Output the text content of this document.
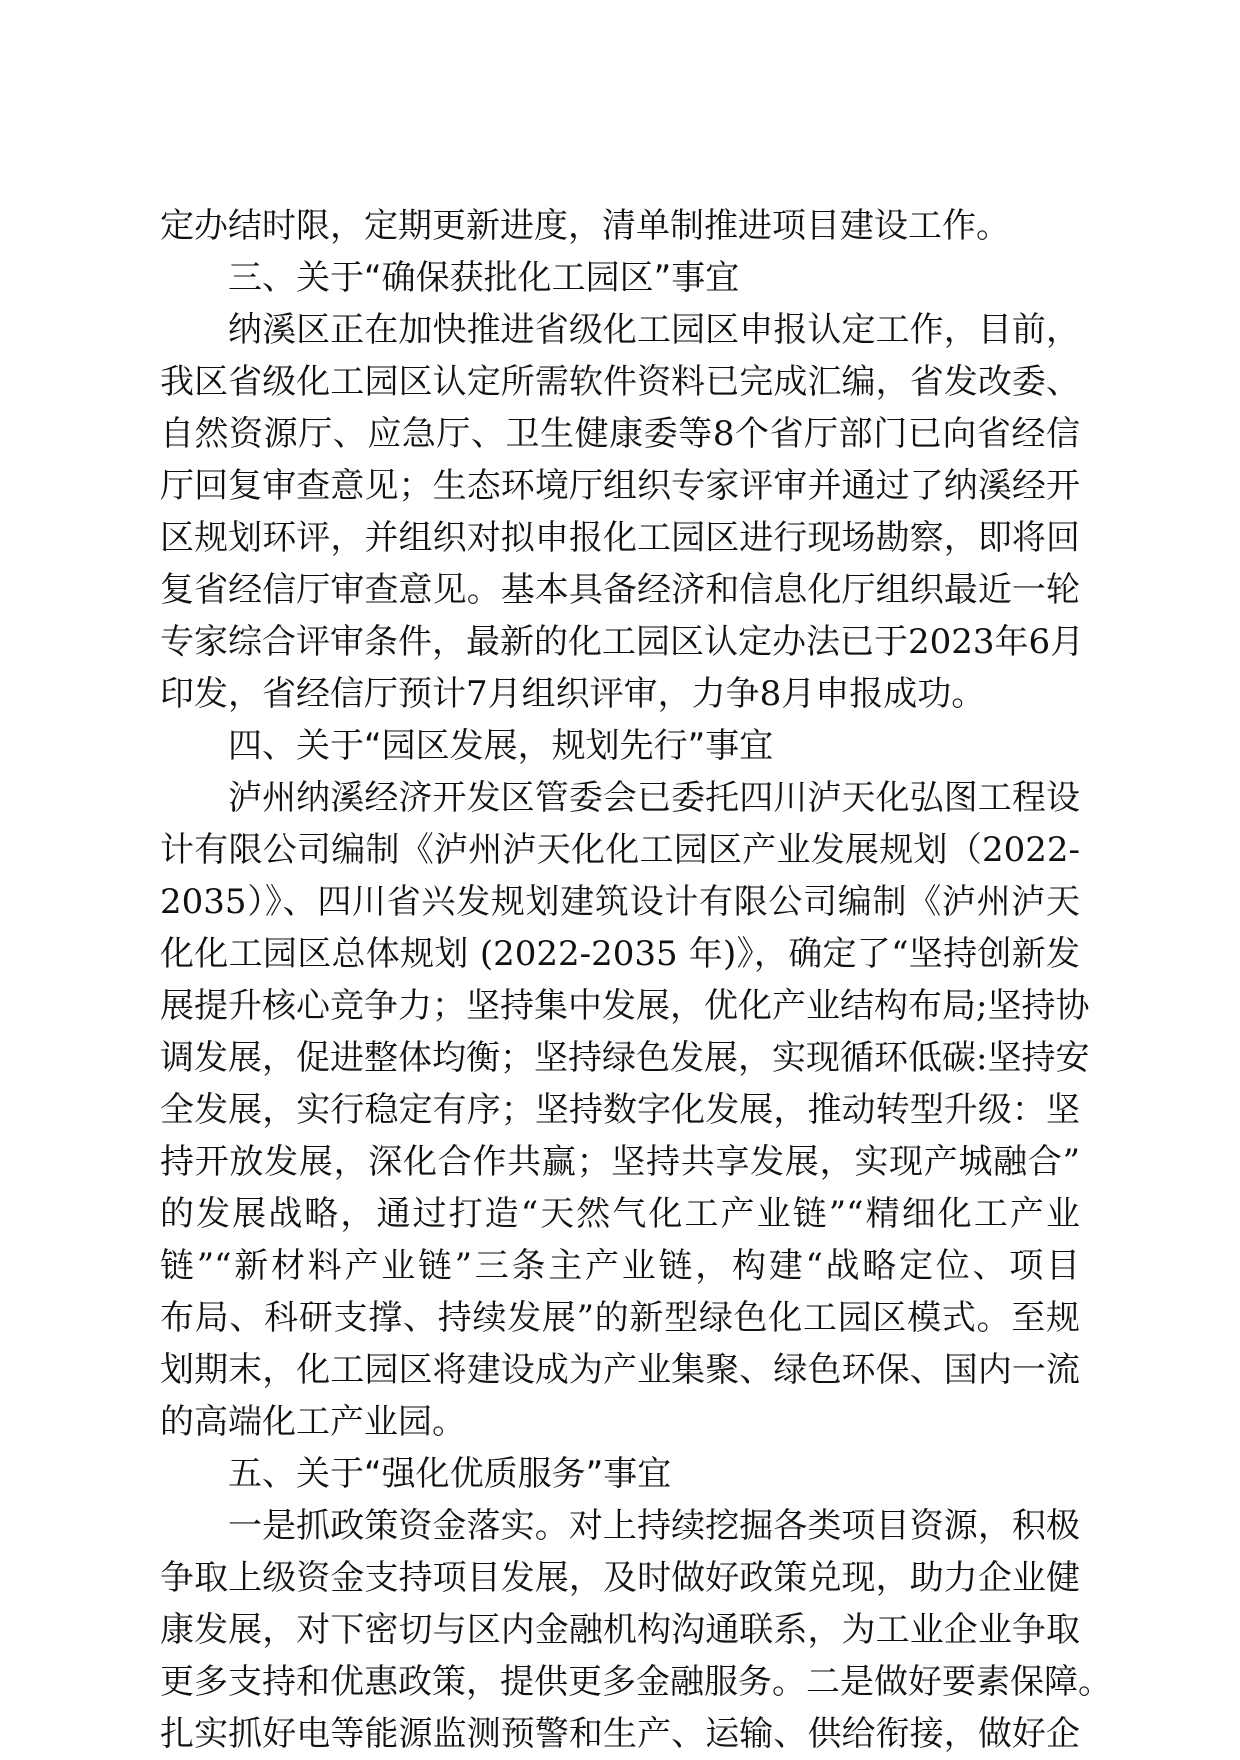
定办结时限，定期更新进度，清单制推进项目建设工作。
三、关于“确保获批化工园区”事宜
纳溪区正在加快推进省级化工园区申报认定工作，目前，
我区省级化工园区认定所需软件资料已完成汇编，省发改委、
自然资源厅、应急厅、卫生健康委等8个省厅部门已向省经信
厅回复审查意见；生态环境厅组织专家评审并通过了纳溪经开
区规划环评，并组织对拟申报化工园区进行现场勘察，即将回
复省经信厅审查意见。基本具备经济和信息化厅组织最近一轮
专家综合评审条件，最新的化工园区认定办法已于2023年6月
印发，省经信厅预计7月组织评审，力争8月申报成功。
四、关于“园区发展，规划先行”事宜
泸州纳溪经济开发区管委会已委托四川泸天化弘图工程设
计有限公司编制《泸州泸天化化工园区产业发展规划（2022-
2035）》、四川省兴发规划建筑设计有限公司编制《泸州泸天
化化工园区总体规划 (2022-2035 年)》，确定了“坚持创新发
展提升核心竞争力；坚持集中发展，优化产业结构布局;坚持协
调发展，促进整体均衡；坚持绿色发展，实现循环低碳:坚持安
全发展，实行稳定有序；坚持数字化发展，推动转型升级：坚
持开放发展，深化合作共赢；坚持共享发展，实现产城融合”
的发展战略，通过打造“天然气化工产业链”“精细化工产业
链”“新材料产业链”三条主产业链，构建“战略定位、项目
布局、科研支撑、持续发展”的新型绿色化工园区模式。至规
划期末，化工园区将建设成为产业集聚、绿色环保、国内一流
的高端化工产业园。
五、关于“强化优质服务”事宜
一是抓政策资金落实。对上持续挖掘各类项目资源，积极
争取上级资金支持项目发展，及时做好政策兑现，助力企业健
康发展，对下密切与区内金融机构沟通联系，为工业企业争取
更多支持和优惠政策，提供更多金融服务。二是做好要素保障。
扎实抓好电等能源监测预警和生产、运输、供给衔接，做好企
